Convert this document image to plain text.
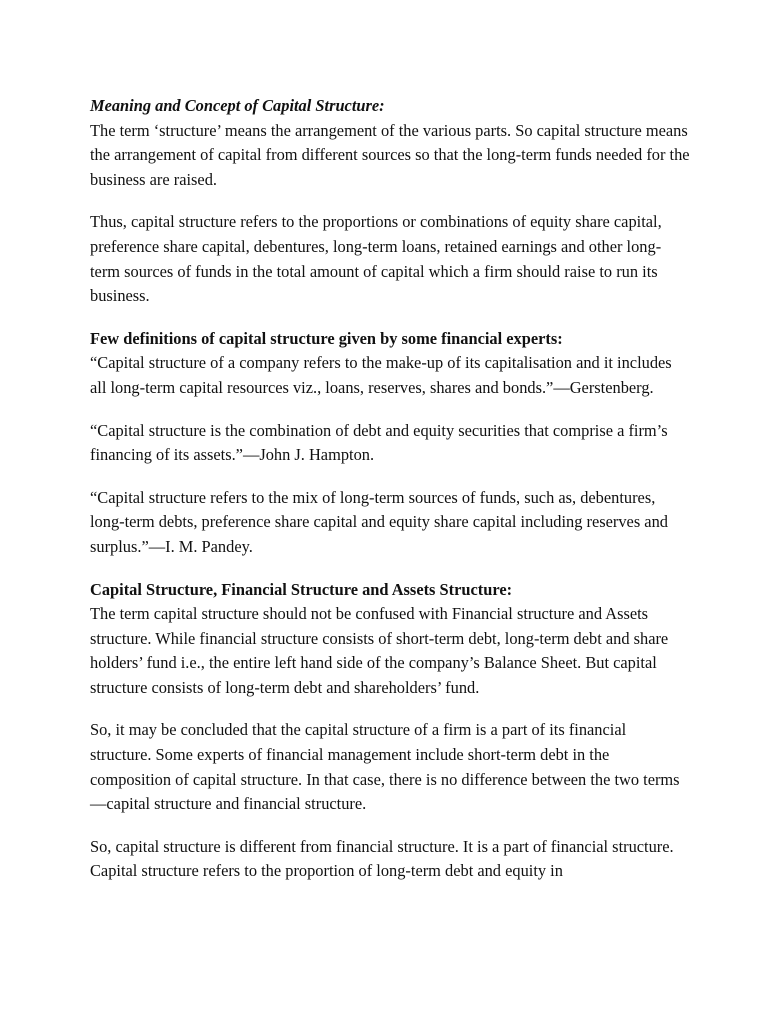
Meaning and Concept of Capital Structure:
The term ‘structure’ means the arrangement of the various parts. So capital structure means the arrangement of capital from different sources so that the long-term funds needed for the business are raised.
Thus, capital structure refers to the proportions or combinations of equity share capital, preference share capital, debentures, long-term loans, retained earnings and other long-term sources of funds in the total amount of capital which a firm should raise to run its business.
Few definitions of capital structure given by some financial experts:
“Capital structure of a company refers to the make-up of its capitalisation and it includes all long-term capital resources viz., loans, reserves, shares and bonds.”—Gerstenberg.
“Capital structure is the combination of debt and equity securities that comprise a firm’s financing of its assets.”—John J. Hampton.
“Capital structure refers to the mix of long-term sources of funds, such as, debentures, long-term debts, preference share capital and equity share capital including reserves and surplus.”—I. M. Pandey.
Capital Structure, Financial Structure and Assets Structure:
The term capital structure should not be confused with Financial structure and Assets structure. While financial structure consists of short-term debt, long-term debt and share holders’ fund i.e., the entire left hand side of the company’s Balance Sheet. But capital structure consists of long-term debt and shareholders’ fund.
So, it may be concluded that the capital structure of a firm is a part of its financial structure. Some experts of financial management include short-term debt in the composition of capital structure. In that case, there is no difference between the two terms—capital structure and financial structure.
So, capital structure is different from financial structure. It is a part of financial structure. Capital structure refers to the proportion of long-term debt and equity in
